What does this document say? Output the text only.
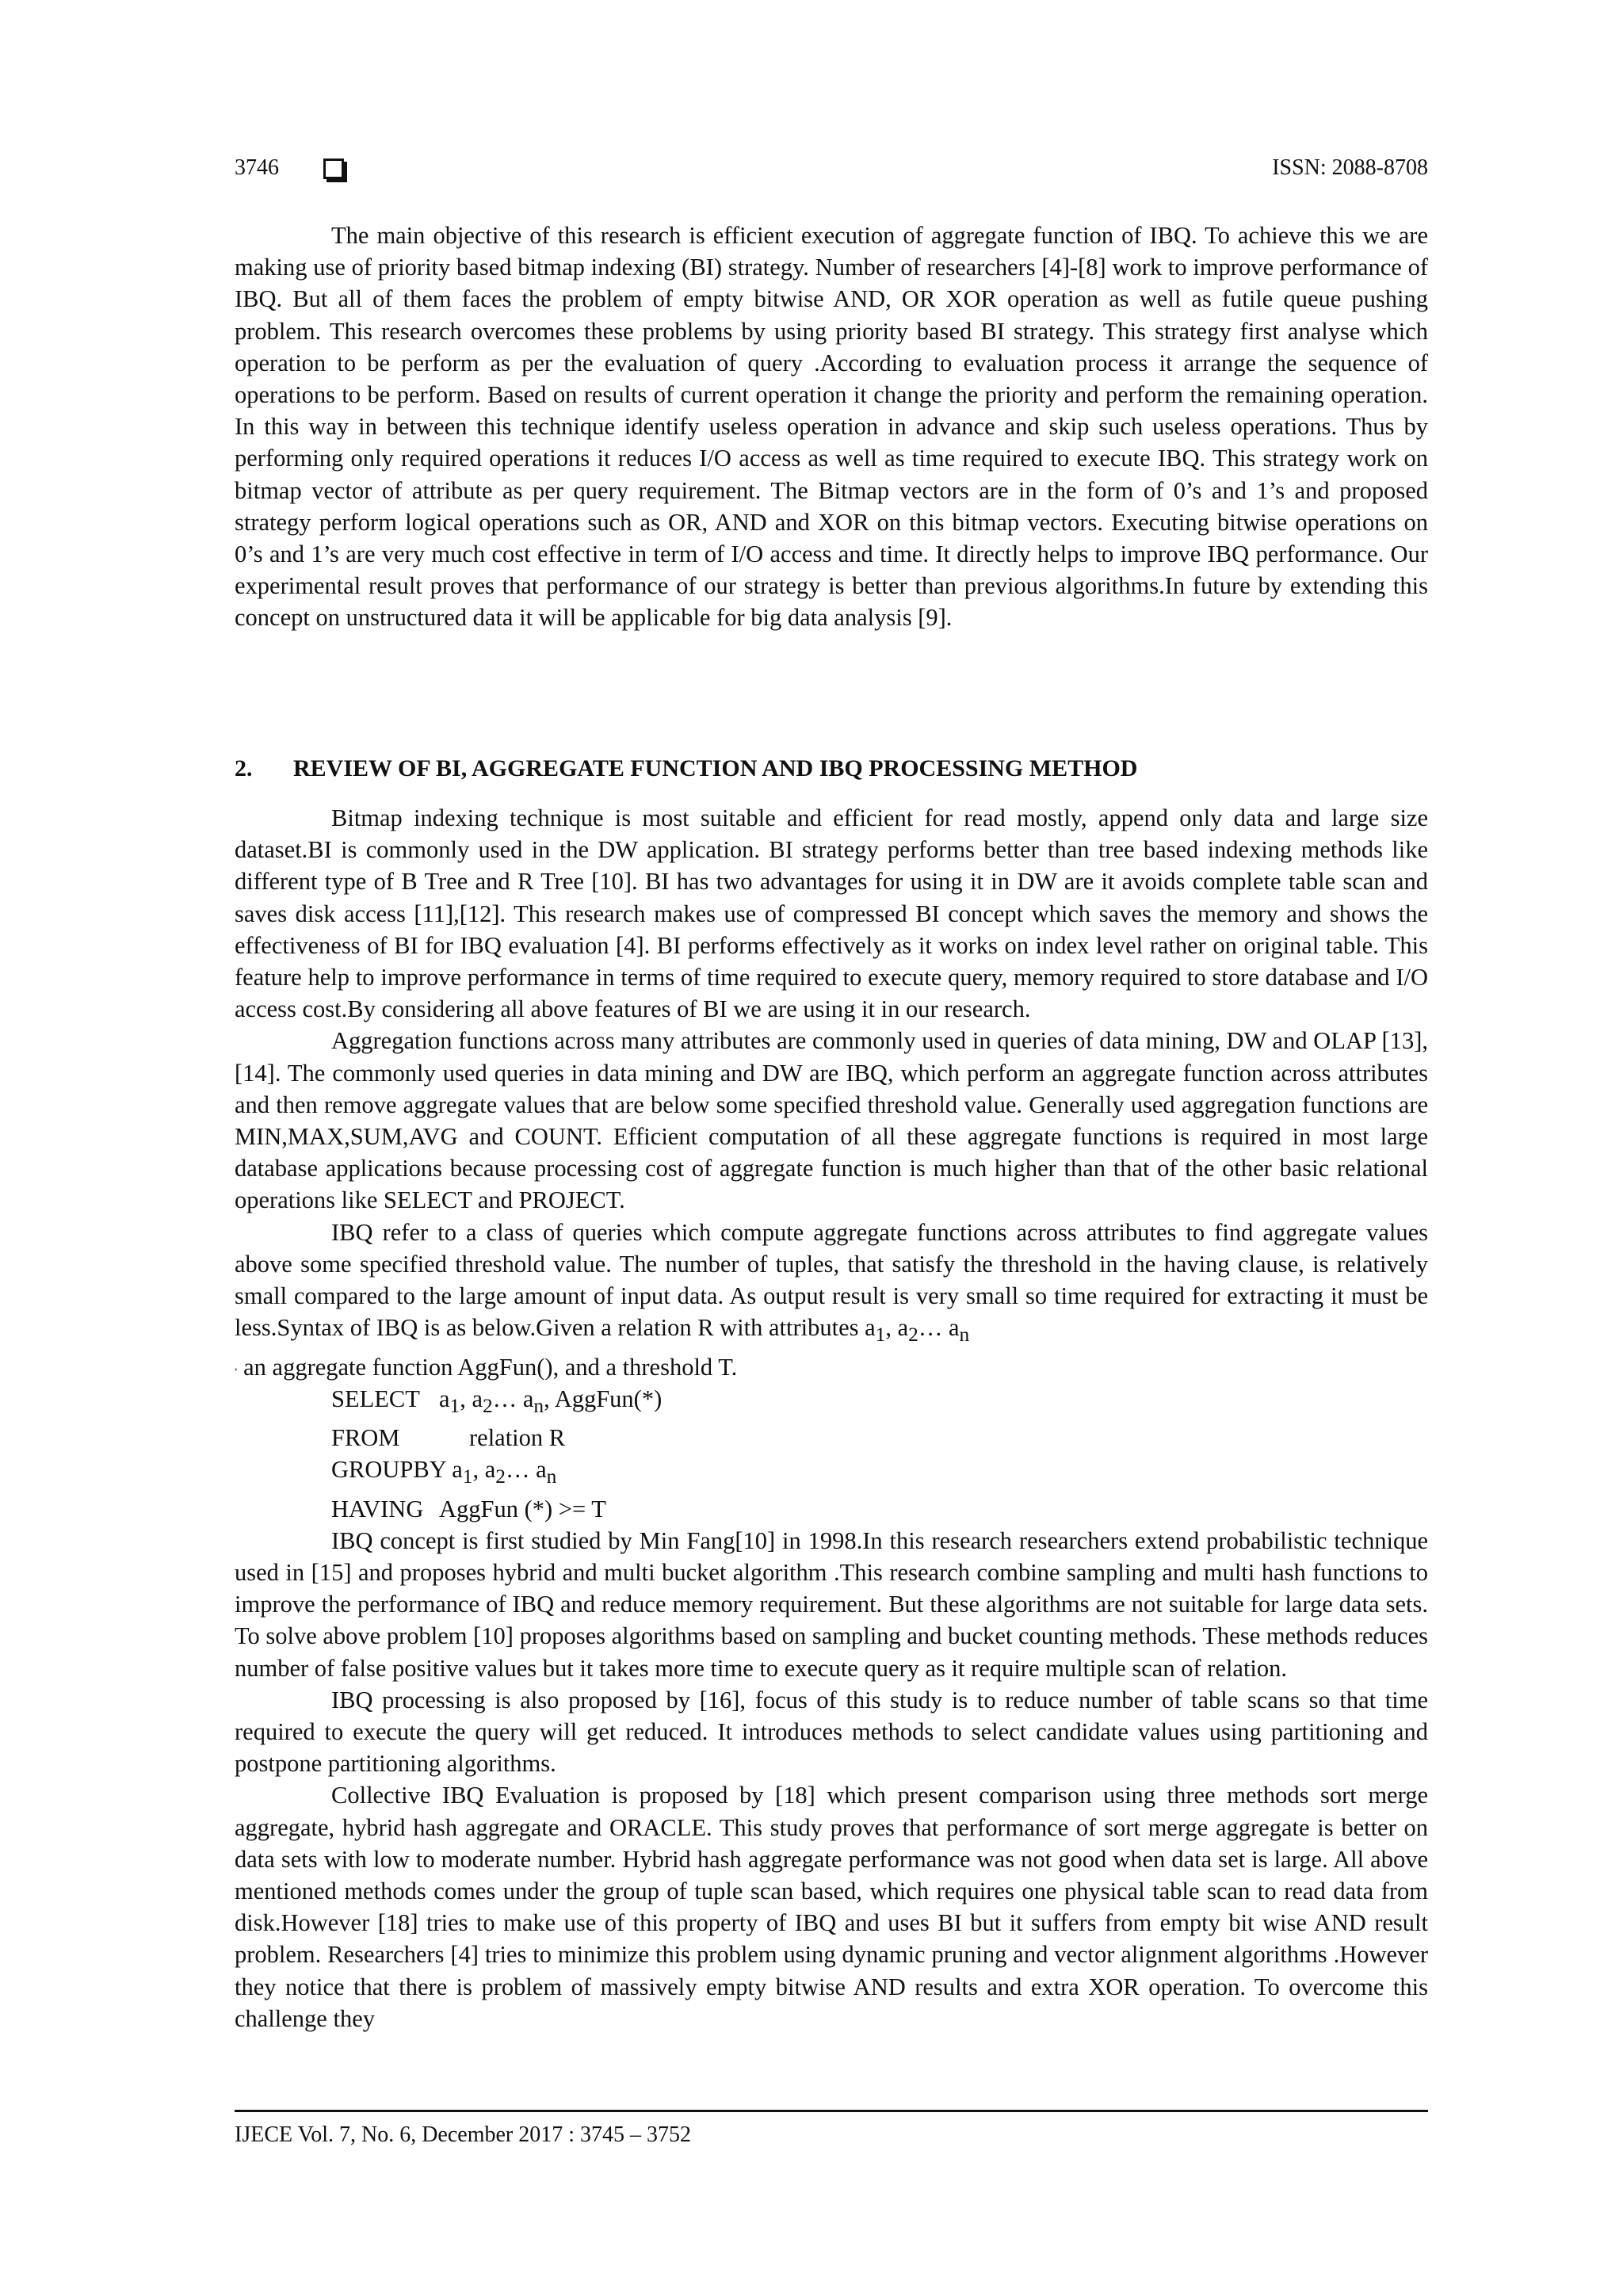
3746	ISSN: 2088-8708

The main objective of this research is efficient execution of aggregate function of IBQ. To achieve this we are making use of priority based bitmap indexing (BI) strategy. Number of researchers [4]-[8] work to improve performance of IBQ. But all of them faces the problem of empty bitwise AND, OR XOR operation as well as futile queue pushing problem. This research overcomes these problems by using priority based BI strategy. This strategy first analyse which operation to be perform as per the evaluation of query .According to evaluation process it arrange the sequence of operations to be perform. Based on results of current operation it change the priority and perform the remaining operation. In this way in between this technique identify useless operation in advance and skip such useless operations. Thus by performing only required operations it reduces I/O access as well as time required to execute IBQ. This strategy work on bitmap vector of attribute as per query requirement. The Bitmap vectors are in the form of 0’s and 1’s and proposed strategy perform logical operations such as OR, AND and XOR on this bitmap vectors. Executing bitwise operations on 0’s and 1’s are very much cost effective in term of I/O access and time. It directly helps to improve IBQ performance. Our experimental result proves that performance of our strategy is better than previous algorithms.In future by extending this concept on unstructured data it will be applicable for big data analysis [9].

2. REVIEW OF BI, AGGREGATE FUNCTION AND IBQ PROCESSING METHOD

Bitmap indexing technique is most suitable and efficient for read mostly, append only data and large size dataset.BI is commonly used in the DW application. BI strategy performs better than tree based indexing methods like different type of B Tree and R Tree [10]. BI has two advantages for using it in DW are it avoids complete table scan and saves disk access [11],[12]. This research makes use of compressed BI concept which saves the memory and shows the effectiveness of BI for IBQ evaluation [4]. BI performs effectively as it works on index level rather on original table. This feature help to improve performance in terms of time required to execute query, memory required to store database and I/O access cost.By considering all above features of BI we are using it in our research.

Aggregation functions across many attributes are commonly used in queries of data mining, DW and OLAP [13],[14]. The commonly used queries in data mining and DW are IBQ, which perform an aggregate function across attributes and then remove aggregate values that are below some specified threshold value. Generally used aggregation functions are MIN,MAX,SUM,AVG and COUNT. Efficient computation of all these aggregate functions is required in most large database applications because processing cost of aggregate function is much higher than that of the other basic relational operations like SELECT and PROJECT.

IBQ refer to a class of queries which compute aggregate functions across attributes to find aggregate values above some specified threshold value. The number of tuples, that satisfy the threshold in the having clause, is relatively small compared to the large amount of input data. As output result is very small so time required for extracting it must be less.Syntax of IBQ is as below.Given a relation R with attributes $a_1$, $a_2\dots$ $a_n$
, an aggregate function AggFun(), and a threshold T.

SELECT $a_1$, $a_2\dots$ $a_n$, AggFun(*)
FROM	relation R
GROUPBY $a_1$, $a_2\dots$ $a_n$
HAVING AggFun (*) >= T

IBQ concept is first studied by Min Fang[10] in 1998.In this research researchers extend probabilistic technique used in [15] and proposes hybrid and multi bucket algorithm .This research combine sampling and multi hash functions to improve the performance of IBQ and reduce memory requirement. But these algorithms are not suitable for large data sets. To solve above problem [10] proposes algorithms based on sampling and bucket counting methods. These methods reduces number of false positive values but it takes more time to execute query as it require multiple scan of relation.

IBQ processing is also proposed by [16], focus of this study is to reduce number of table scans so that time required to execute the query will get reduced. It introduces methods to select candidate values using partitioning and postpone partitioning algorithms.

Collective IBQ Evaluation is proposed by [18] which present comparison using three methods sort merge aggregate, hybrid hash aggregate and ORACLE. This study proves that performance of sort merge aggregate is better on data sets with low to moderate number. Hybrid hash aggregate performance was not good when data set is large. All above mentioned methods comes under the group of tuple scan based, which requires one physical table scan to read data from disk.However [18] tries to make use of this property of IBQ and uses BI but it suffers from empty bit wise AND result problem. Researchers [4] tries to minimize this problem using dynamic pruning and vector alignment algorithms .However they notice that there is problem of massively empty bitwise AND results and extra XOR operation. To overcome this challenge they

IJECE Vol. 7, No. 6, December 2017 : 3745 – 3752
